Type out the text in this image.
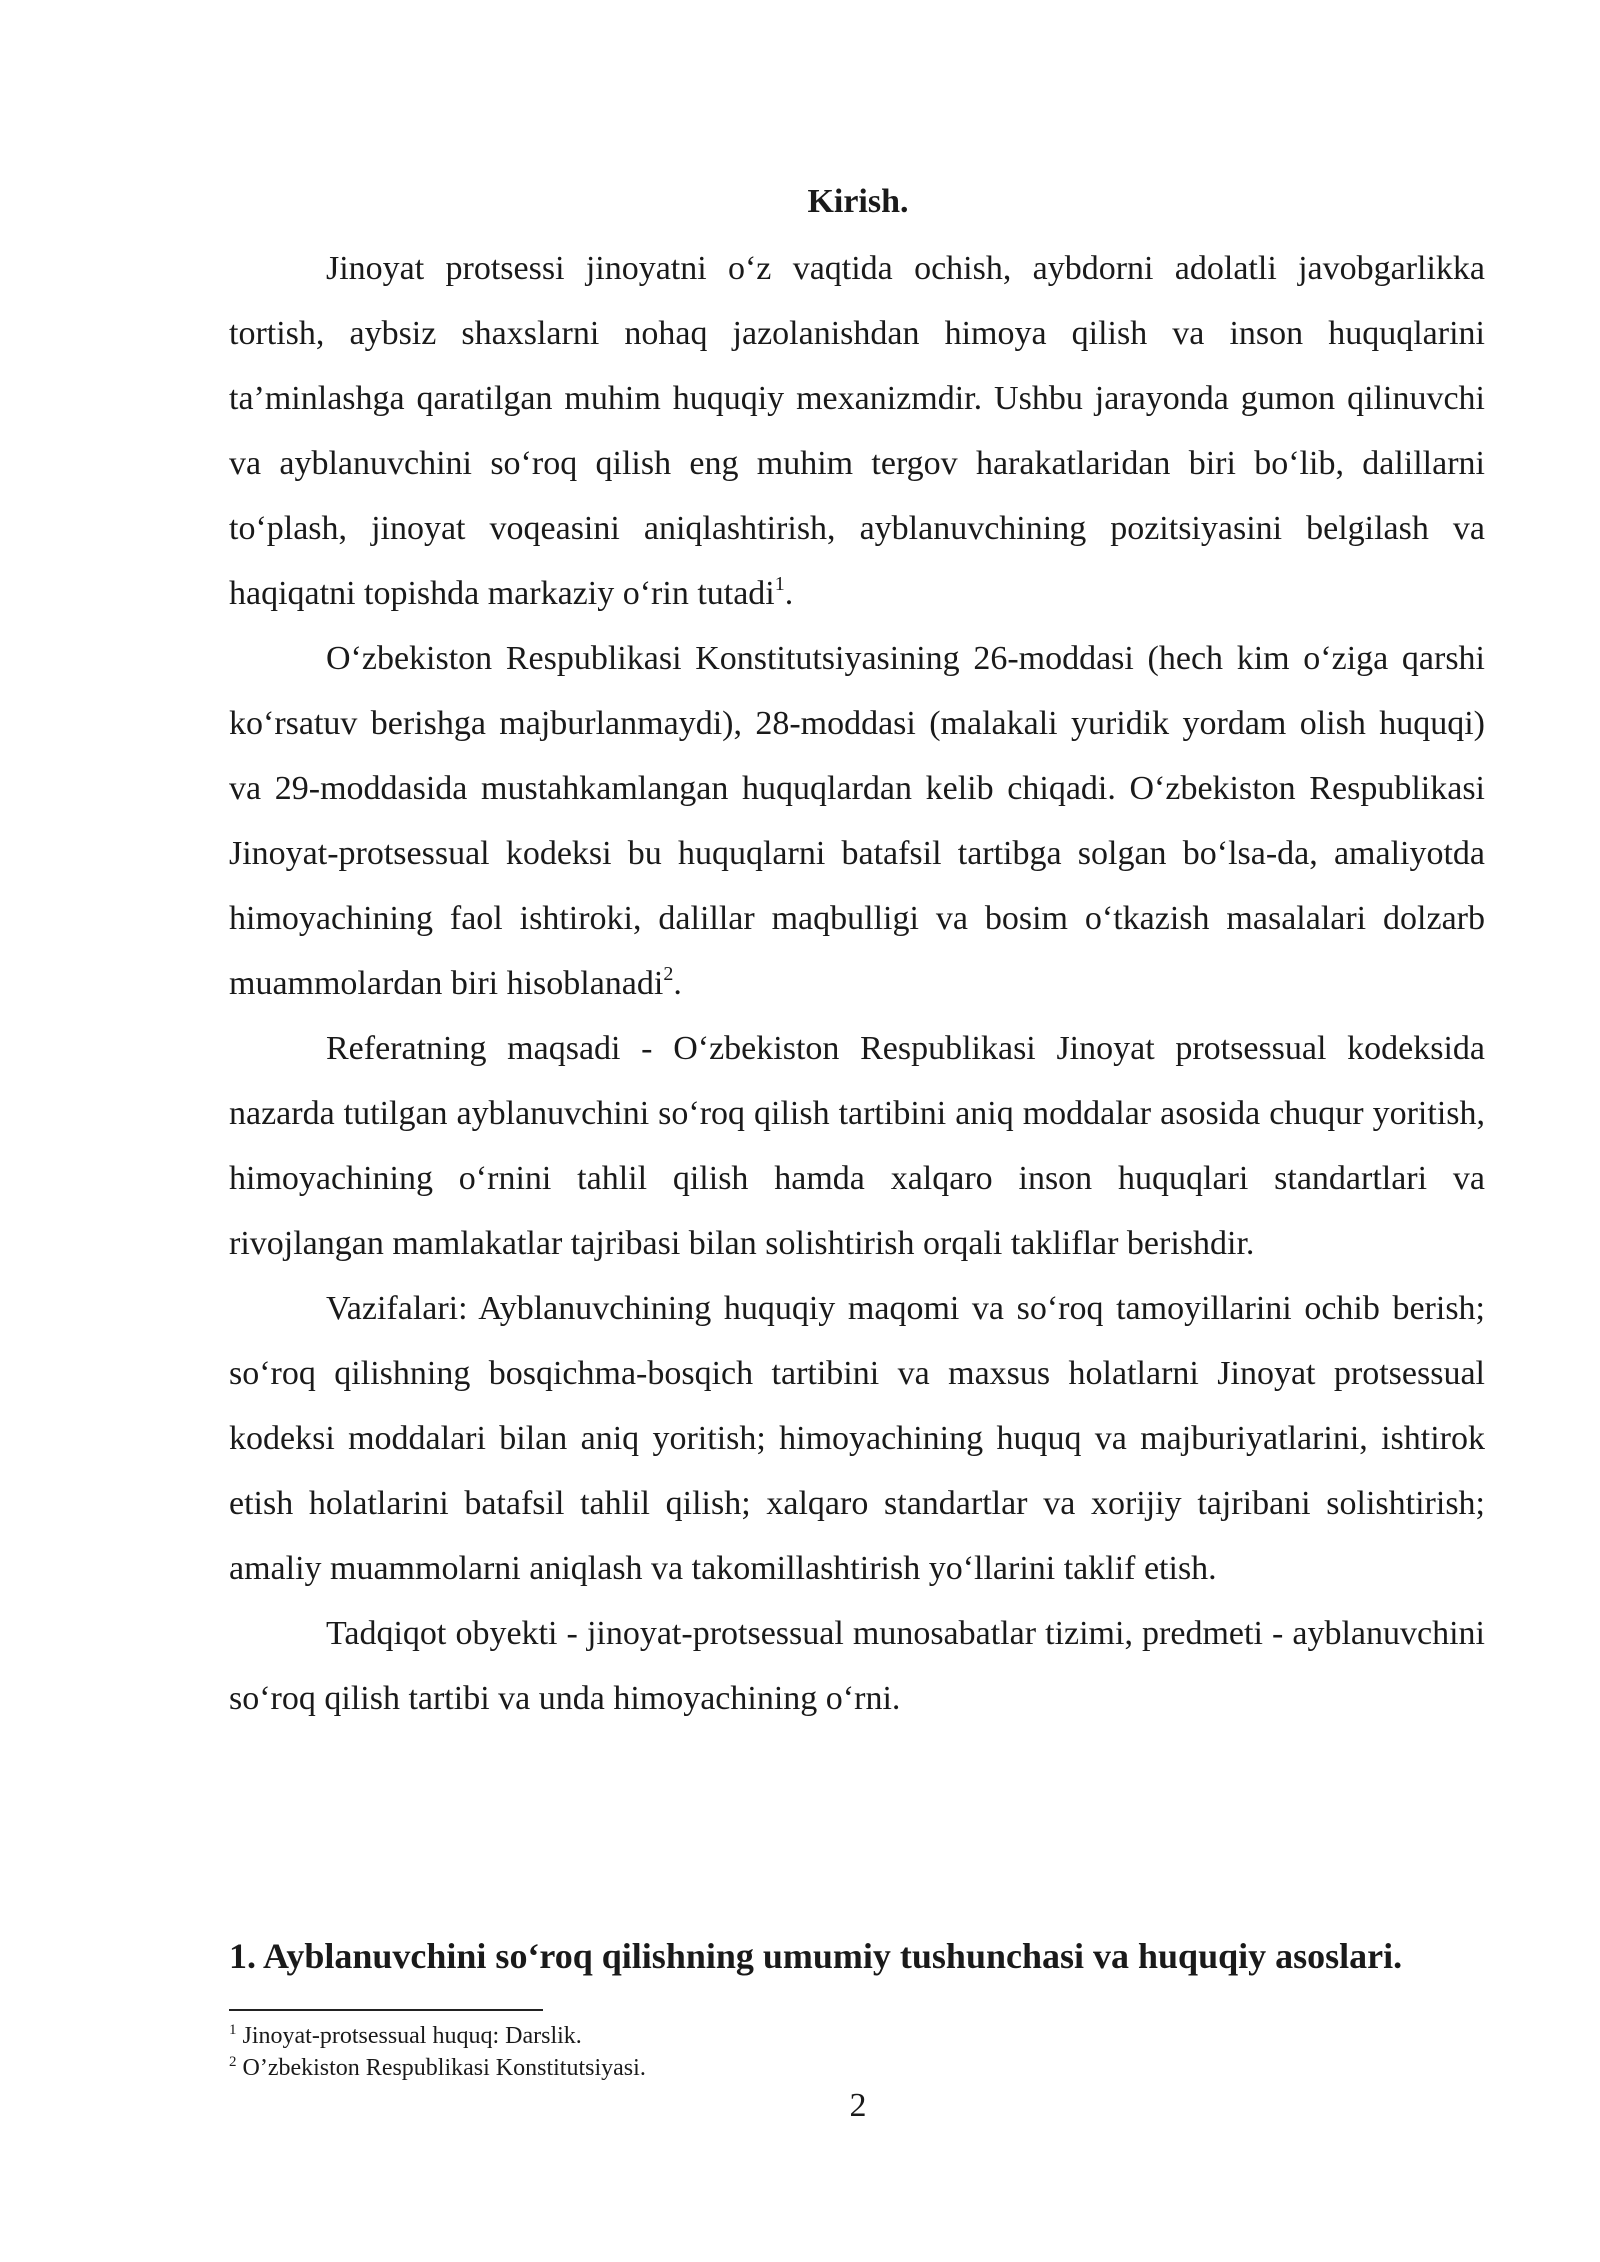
Kirish.

Jinoyat protsessi jinoyatni o‘z vaqtida ochish, aybdorni adolatli javobgarlikka tortish, aybsiz shaxslarni nohaq jazolanishdan himoya qilish va inson huquqlarini ta’minlashga qaratilgan muhim huquqiy mexanizmdir. Ushbu jarayonda gumon qilinuvchi va ayblanuvchini so‘roq qilish eng muhim tergov harakatlaridan biri bo‘lib, dalillarni to‘plash, jinoyat voqeasini aniqlashtirish, ayblanuvchining pozitsiyasini belgilash va haqiqatni topishda markaziy o‘rin tutadi$^1$.

O‘zbekiston Respublikasi Konstitutsiyasining 26-moddasi (hech kim o‘ziga qarshi ko‘rsatuv berishga majburlanmaydi), 28-moddasi (malakali yuridik yordam olish huquqi) va 29-moddasida mustahkamlangan huquqlardan kelib chiqadi. O‘zbekiston Respublikasi Jinoyat-protsessual kodeksi bu huquqlarni batafsil tartibga solgan bo‘lsa-da, amaliyotda himoyachining faol ishtiroki, dalillar maqbulligi va bosim o‘tkazish masalalari dolzarb muammolardan biri hisoblanadi$^2$.

Referatning maqsadi - O‘zbekiston Respublikasi Jinoyat protsessual kodeksida nazarda tutilgan ayblanuvchini so‘roq qilish tartibini aniq moddalar asosida chuqur yoritish, himoyachining o‘rnini tahlil qilish hamda xalqaro inson huquqlari standartlari va rivojlangan mamlakatlar tajribasi bilan solishtirish orqali takliflar berishdir.

Vazifalari: Ayblanuvchining huquqiy maqomi va so‘roq tamoyillarini ochib berish; so‘roq qilishning bosqichma-bosqich tartibini va maxsus holatlarni Jinoyat protsessual kodeksi moddalari bilan aniq yoritish; himoyachining huquq va majburiyatlarini, ishtirok etish holatlarini batafsil tahlil qilish; xalqaro standartlar va xorijiy tajribani solishtirish; amaliy muammolarni aniqlash va takomillashtirish yo‘llarini taklif etish.

Tadqiqot obyekti - jinoyat-protsessual munosabatlar tizimi, predmeti - ayblanuvchini so‘roq qilish tartibi va unda himoyachining o‘rni.

1. Ayblanuvchini so‘roq qilishning umumiy tushunchasi va huquqiy asoslari.

$^1$ Jinoyat-protsessual huquq: Darslik.

$^2$ O’zbekiston Respublikasi Konstitutsiyasi.

2
